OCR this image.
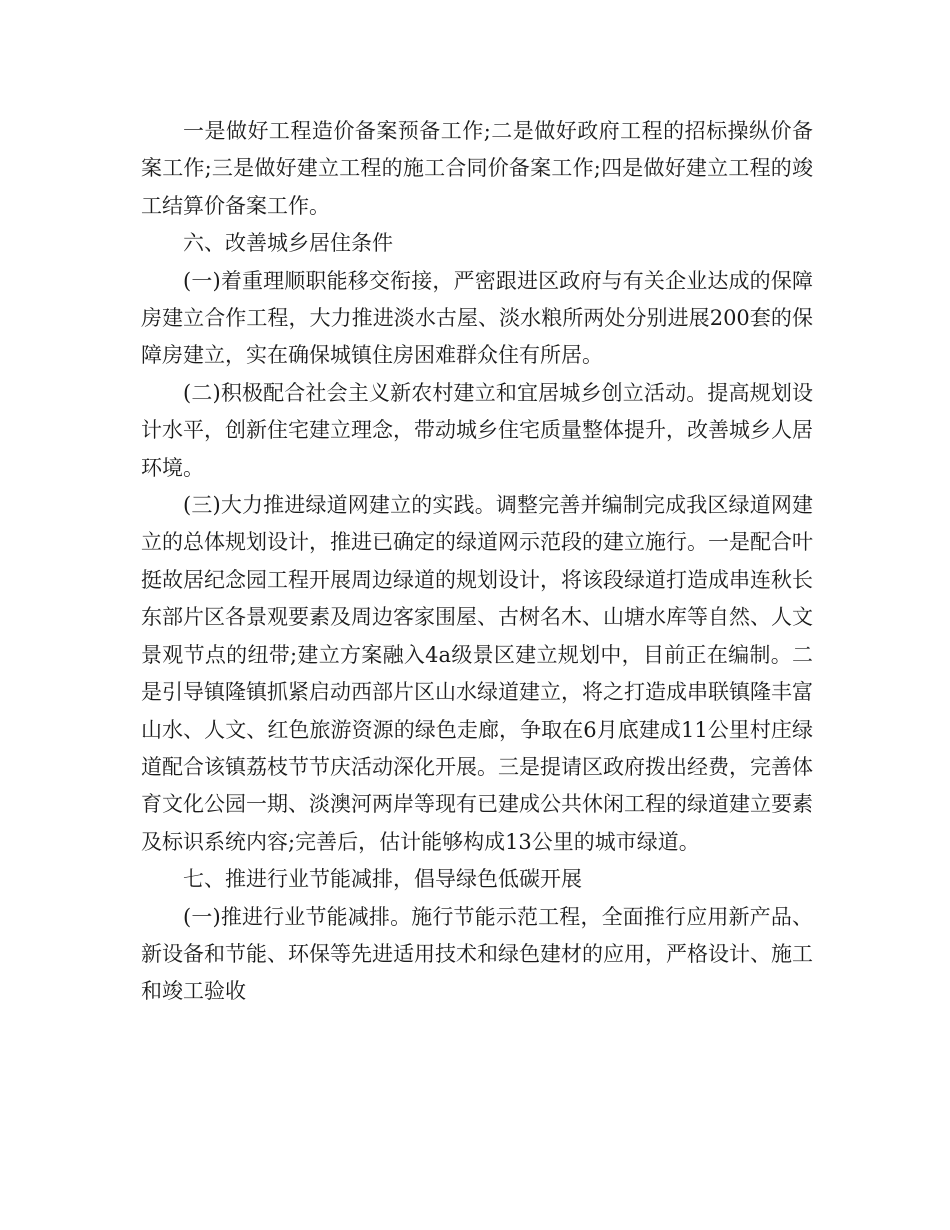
一是做好工程造价备案预备工作;二是做好政府工程的招标操纵价备案工作;三是做好建立工程的施工合同价备案工作;四是做好建立工程的竣工结算价备案工作。

六、改善城乡居住条件

(一)着重理顺职能移交衔接，严密跟进区政府与有关企业达成的保障房建立合作工程，大力推进淡水古屋、淡水粮所两处分别进展200套的保障房建立，实在确保城镇住房困难群众住有所居。

(二)积极配合社会主义新农村建立和宜居城乡创立活动。提高规划设计水平，创新住宅建立理念，带动城乡住宅质量整体提升，改善城乡人居环境。

(三)大力推进绿道网建立的实践。调整完善并编制完成我区绿道网建立的总体规划设计，推进已确定的绿道网示范段的建立施行。一是配合叶挺故居纪念园工程开展周边绿道的规划设计，将该段绿道打造成串连秋长东部片区各景观要素及周边客家围屋、古树名木、山塘水库等自然、人文景观节点的纽带;建立方案融入4a级景区建立规划中，目前正在编制。二是引导镇隆镇抓紧启动西部片区山水绿道建立，将之打造成串联镇隆丰富山水、人文、红色旅游资源的绿色走廊，争取在6月底建成11公里村庄绿道配合该镇荔枝节节庆活动深化开展。三是提请区政府拨出经费，完善体育文化公园一期、淡澳河两岸等现有已建成公共休闲工程的绿道建立要素及标识系统内容;完善后，估计能够构成13公里的城市绿道。

七、推进行业节能减排，倡导绿色低碳开展

(一)推进行业节能减排。施行节能示范工程，全面推行应用新产品、新设备和节能、环保等先进适用技术和绿色建材的应用，严格设计、施工和竣工验收
